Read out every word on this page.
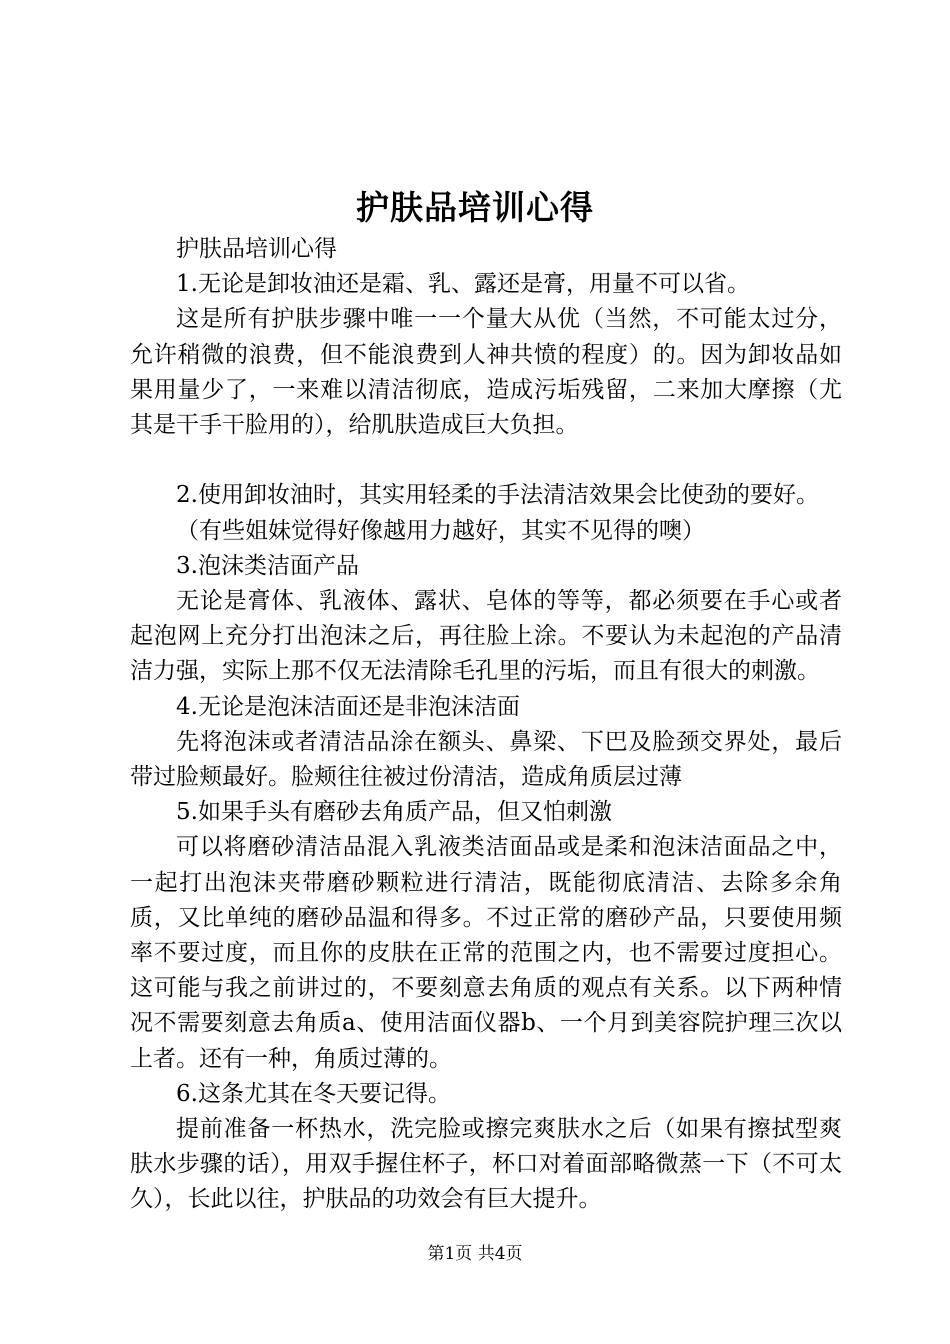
护肤品培训心得

护肤品培训心得

1.无论是卸妆油还是霜、乳、露还是膏，用量不可以省。

这是所有护肤步骤中唯一一个量大从优（当然，不可能太过分，允许稍微的浪费，但不能浪费到人神共愤的程度）的。因为卸妆品如果用量少了，一来难以清洁彻底，造成污垢残留，二来加大摩擦（尤其是干手干脸用的），给肌肤造成巨大负担。

2.使用卸妆油时，其实用轻柔的手法清洁效果会比使劲的要好。

（有些姐妹觉得好像越用力越好，其实不见得的噢）

3.泡沫类洁面产品

无论是膏体、乳液体、露状、皂体的等等，都必须要在手心或者起泡网上充分打出泡沫之后，再往脸上涂。不要认为未起泡的产品清洁力强，实际上那不仅无法清除毛孔里的污垢，而且有很大的刺激。

4.无论是泡沫洁面还是非泡沫洁面

先将泡沫或者清洁品涂在额头、鼻梁、下巴及脸颈交界处，最后带过脸颊最好。脸颊往往被过份清洁，造成角质层过薄

5.如果手头有磨砂去角质产品，但又怕刺激

可以将磨砂清洁品混入乳液类洁面品或是柔和泡沫洁面品之中，一起打出泡沫夹带磨砂颗粒进行清洁，既能彻底清洁、去除多余角质，又比单纯的磨砂品温和得多。不过正常的磨砂产品，只要使用频率不要过度，而且你的皮肤在正常的范围之内，也不需要过度担心。这可能与我之前讲过的，不要刻意去角质的观点有关系。以下两种情况不需要刻意去角质a、使用洁面仪器b、一个月到美容院护理三次以上者。还有一种，角质过薄的。

6.这条尤其在冬天要记得。

提前准备一杯热水，洗完脸或擦完爽肤水之后（如果有擦拭型爽肤水步骤的话），用双手握住杯子，杯口对着面部略微蒸一下（不可太久），长此以往，护肤品的功效会有巨大提升。

第1页 共4页
